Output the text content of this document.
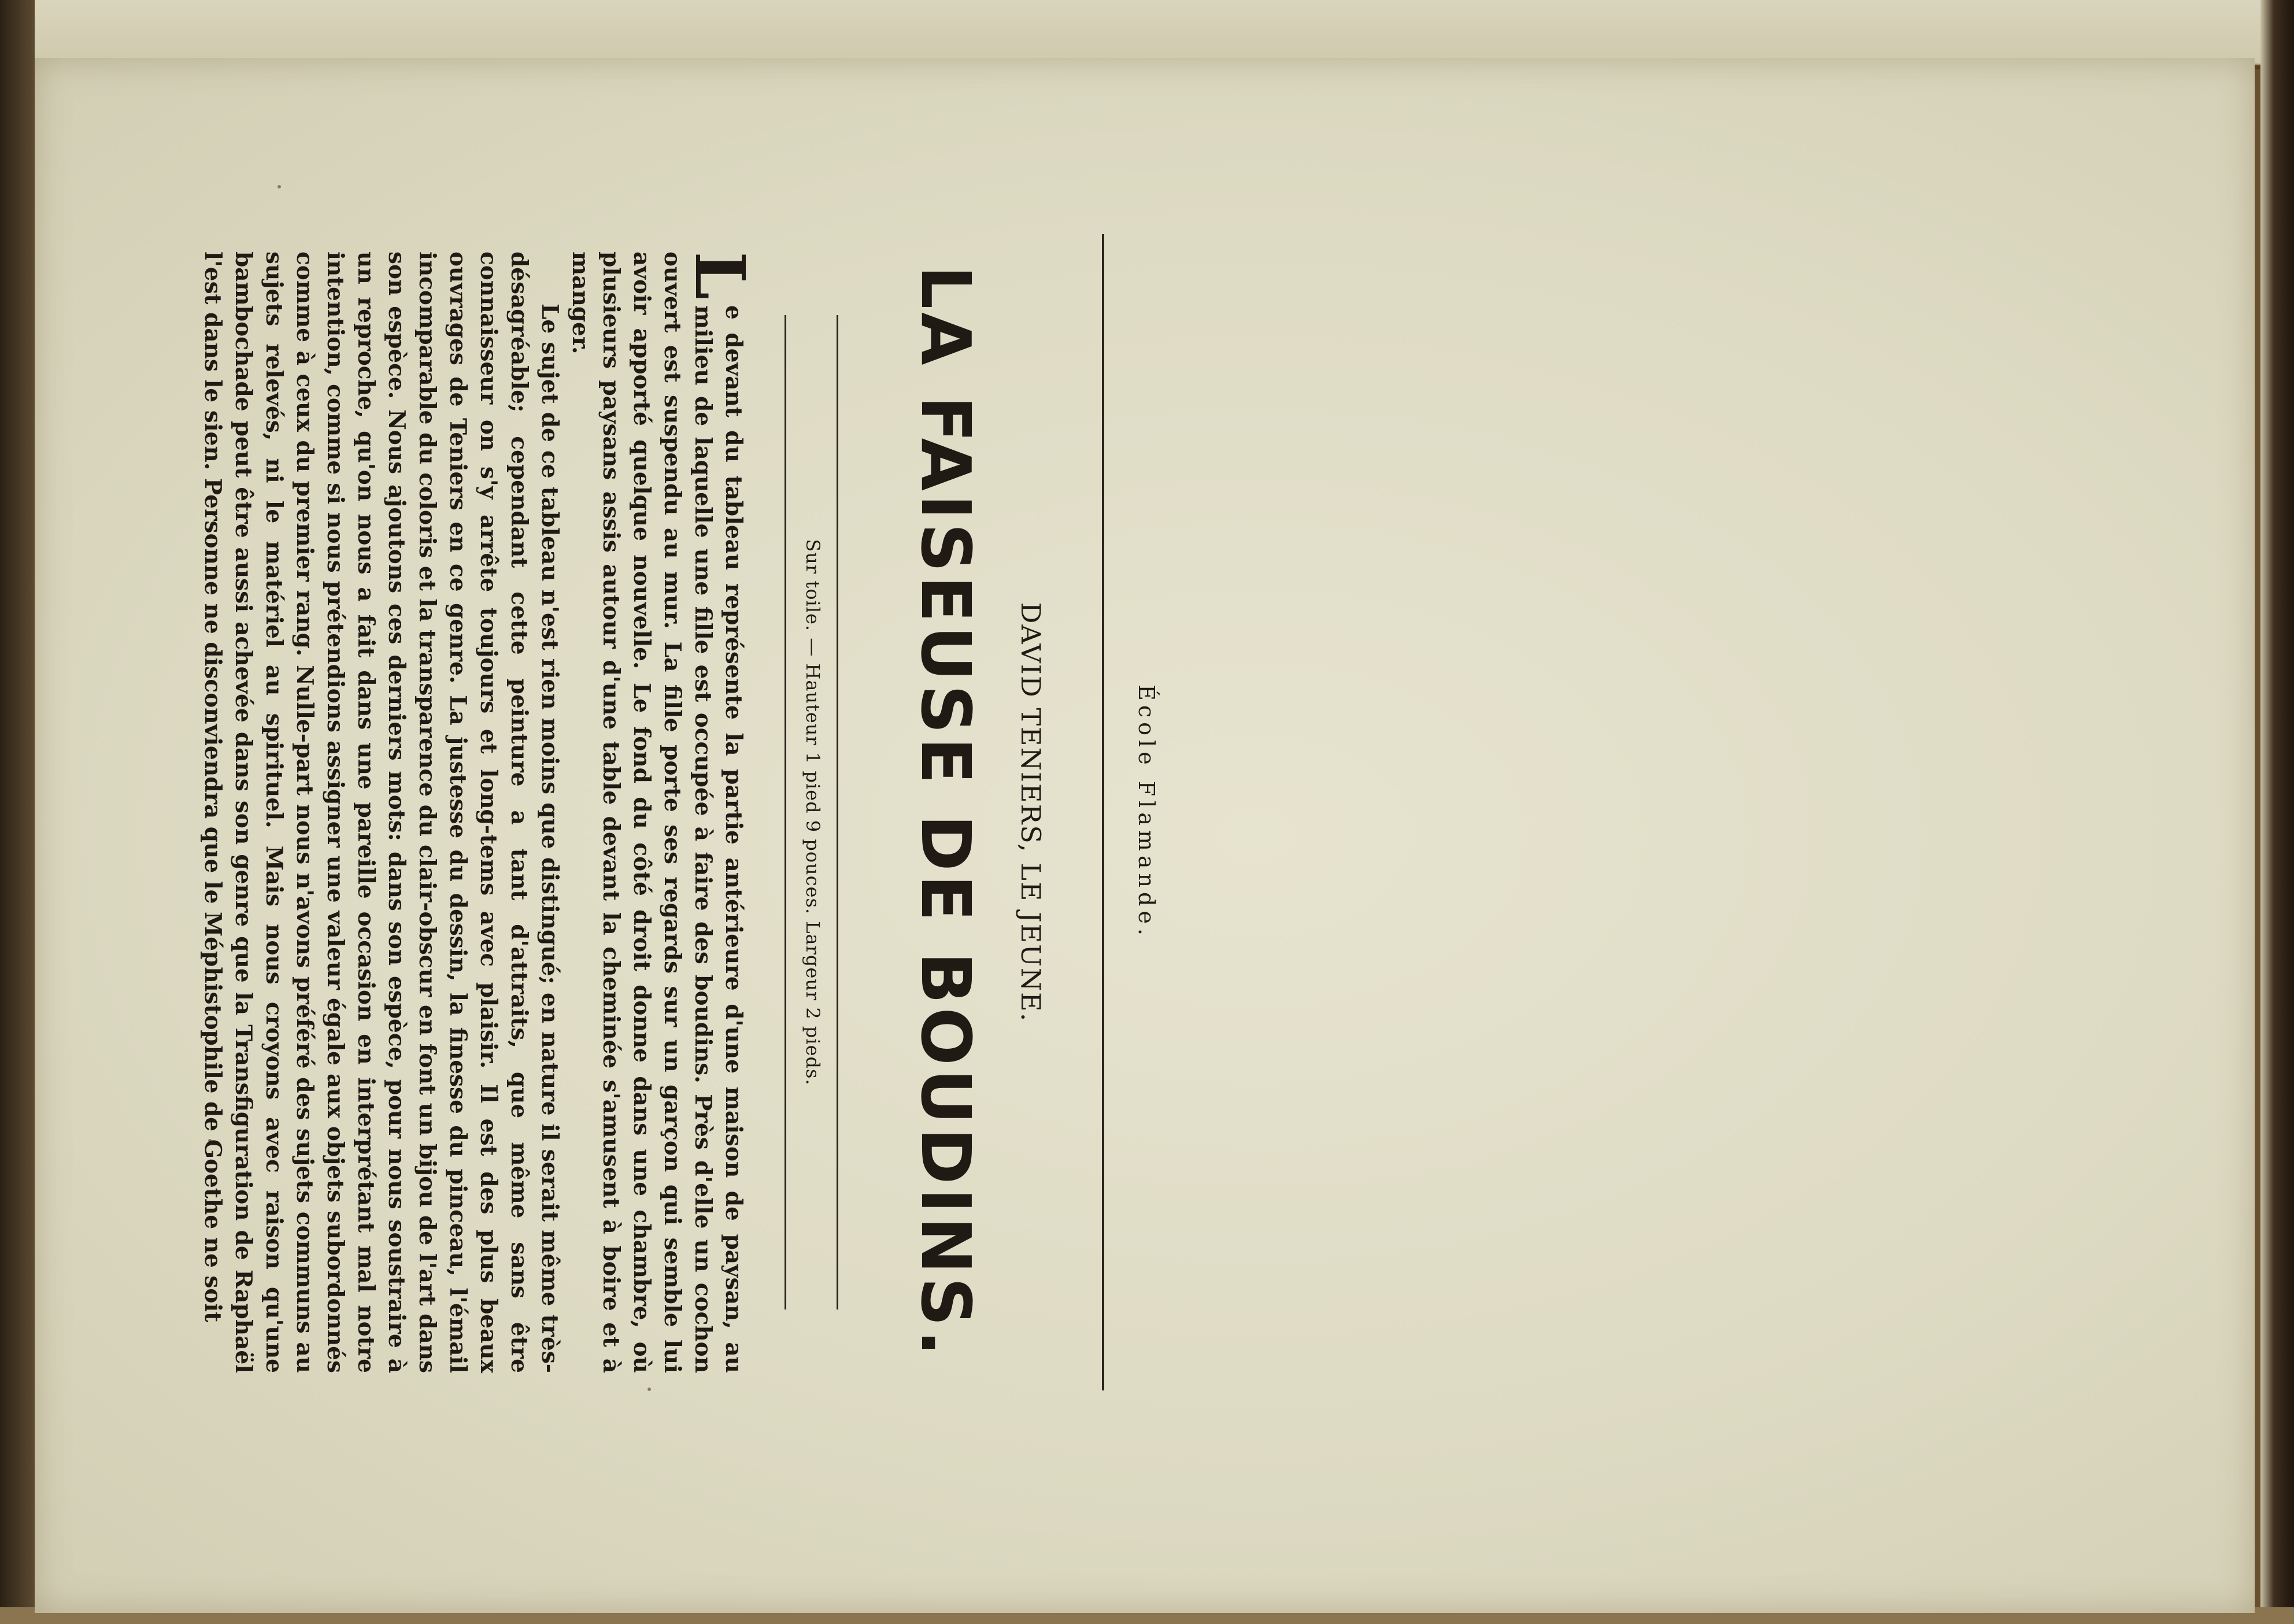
École Flamande.
DAVID TENIERS, LE JEUNE.
LA FAISEUSE DE BOUDINS.
Sur toile. — Hauteur 1 pied 9 pouces. Largeur 2 pieds.

L
e devant du tableau représente la partie antérieure d'une maison de paysan, au milieu de laquelle une fille est occupée à faire des boudins. Près d'elle un cochon ouvert est suspendu au mur. La fille porte ses regards sur un garçon qui semble lui avoir apporté quelque nouvelle. Le fond du côté droit donne dans une chambre, où plusieurs paysans assis autour d'une table devant la cheminée s'amusent à boire et à manger.

Le sujet de ce tableau n'est rien moins que distingué; en nature il serait même très-désagréable; cependant cette peinture a tant d'attraits, que même sans être connaisseur on s'y arrête toujours et long-tems avec plaisir. Il est des plus beaux ouvrages de Teniers en ce genre. La justesse du dessin, la finesse du pinceau, l'émail incomparable du coloris et la transparence du clair-obscur en font un bijou de l'art dans son espèce. Nous ajoutons ces derniers mots: dans son espèce, pour nous soustraire à un reproche, qu'on nous a fait dans une pareille occasion en interprétant mal notre intention, comme si nous prétendions assigner une valeur égale aux objets subordonnés comme à ceux du premier rang. Nulle-part nous n'avons préféré des sujets communs au sujets relevés, ni le matériel au spirituel. Mais nous croyons avec raison qu'une bambochade peut être aussi achevée dans son genre que la Transfiguration de Raphaël l'est dans le sien. Personne ne disconviendra que le Méphistophile de Goethe ne soit
